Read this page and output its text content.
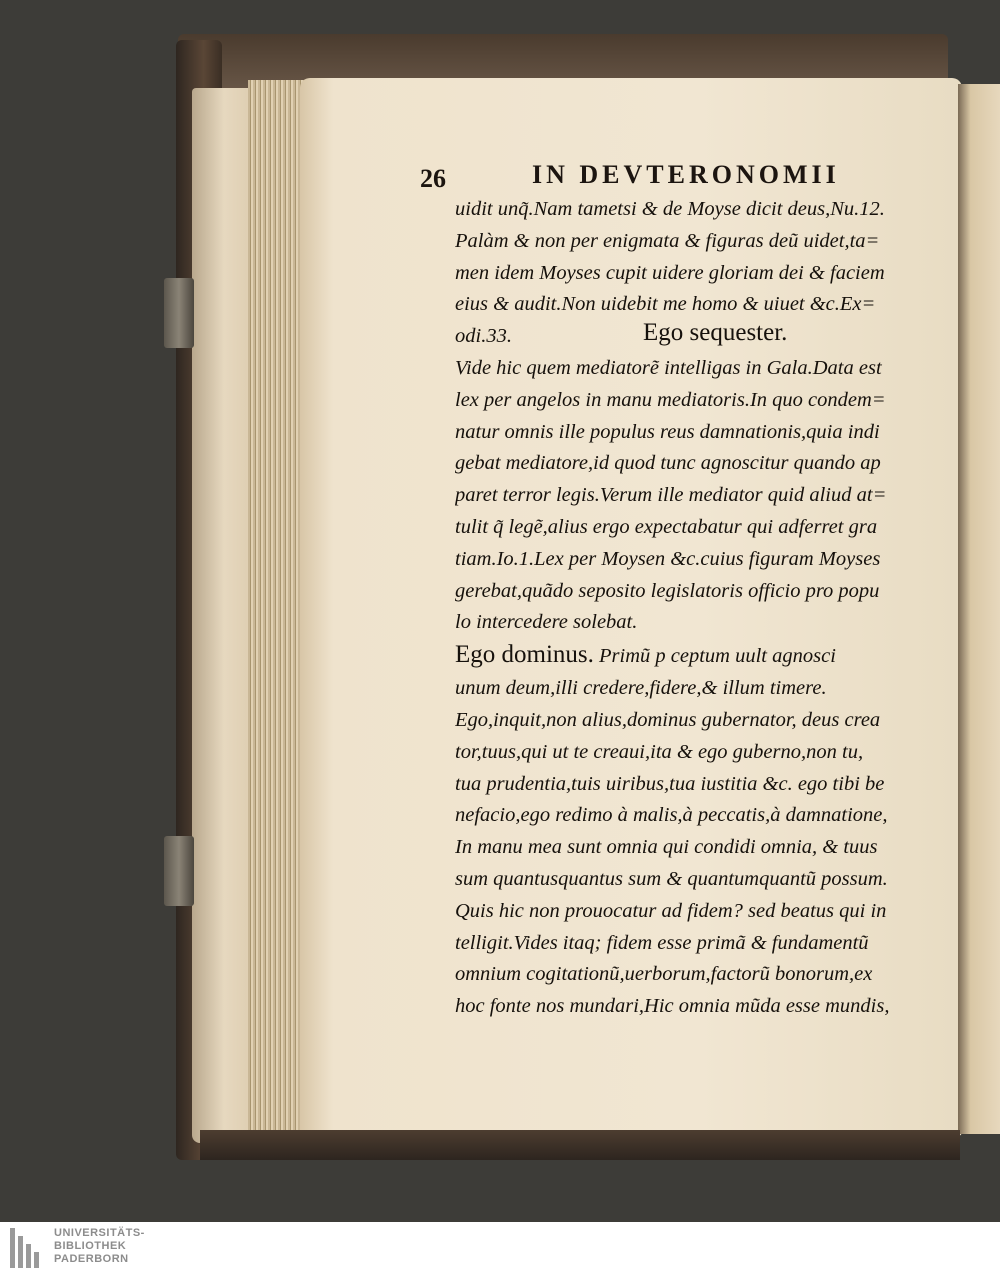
26	IN DEVTERONOMII
uidit unq̃.Nam tametsi & de Moyse dicit deus,Nu.12.
Palàm & non per enigmata & figuras deũ uidet,ta=
men idem Moyses cupit uidere gloriam dei & faciem
eius & audit.Non uidebit me homo & uiuet &c.Ex=
odi.33.	Ego sequester.
Vide hic quem mediatorẽ intelligas in Gala.Data est
lex per angelos in manu mediatoris.In quo condem=
natur omnis ille populus reus damnationis,quia indi
gebat mediatore,id quod tunc agnoscitur quando ap
paret terror legis.Verum ille mediator quid aliud at=
tulit q̃ legẽ,alius ergo expectabatur qui adferret gra
tiam.Io.1.Lex per Moysen &c.cuius figuram Moyses
gerebat,quãdo seposito legislatoris officio pro popu
lo intercedere solebat.
Ego dominus. Primũ p ceptum uult agnosci
unum deum,illi credere,fidere,& illum timere.
Ego,inquit,non alius,dominus gubernator, deus crea
tor,tuus,qui ut te creaui,ita & ego guberno,non tu,
tua prudentia,tuis uiribus,tua iustitia &c. ego tibi be
nefacio,ego redimo à malis,à peccatis,à damnatione,
In manu mea sunt omnia qui condidi omnia, & tuus
sum quantusquantus sum & quantumquantũ possum.
Quis hic non prouocatur ad fidem? sed beatus qui in
telligit.Vides itaq; fidem esse primã & fundamentũ
omnium cogitationũ,uerborum,factorũ bonorum,ex
hoc fonte nos mundari,Hic omnia mũda esse mundis,
UNIVERSITÄTS-
BIBLIOTHEK
PADERBORN
